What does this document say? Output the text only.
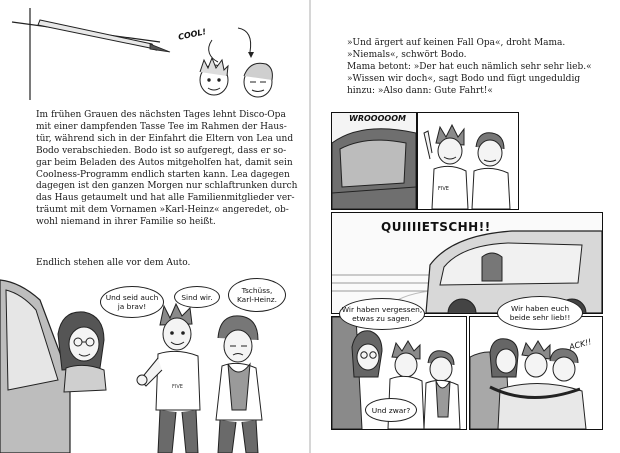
COOL!
Im frühen Grauen des nächsten Tages lehnt Disco-Opa
mit einer dampfenden Tasse Tee im Rahmen der Haus-
tür, während sich in der Einfahrt die Eltern von Lea und
Bodo verabschieden. Bodo ist so aufgeregt, dass er so-
gar beim Beladen des Autos mitgeholfen hat, damit sein
Coolness-Programm endlich starten kann. Lea dagegen
dagegen ist den ganzen Morgen nur schlaftrunken durch
das Haus getaumelt und hat alle Familienmitglieder ver-
träumt mit dem Vornamen »Karl-Heinz« angeredet, ob-
wohl niemand in ihrer Familie so heißt.
Endlich stehen alle vor dem Auto.
FIVE
Und seid auch
ja brav!
Sind wir.
Tschüss,
Karl-Heinz.
»Und ärgert auf keinen Fall Opa«, droht Mama.
»Niemals«, schwört Bodo.
Mama betont: »Der hat euch nämlich sehr sehr lieb.«
»Wissen wir doch«, sagt Bodo und fügt ungeduldig
hinzu: »Also dann: Gute Fahrt!«
WROOOOOM
FIVE
QUIIIIETSCHH!!
Wir haben vergessen,
etwas zu sagen.
Und zwar?
Wir haben euch
beide sehr lieb!!
ACK!!
